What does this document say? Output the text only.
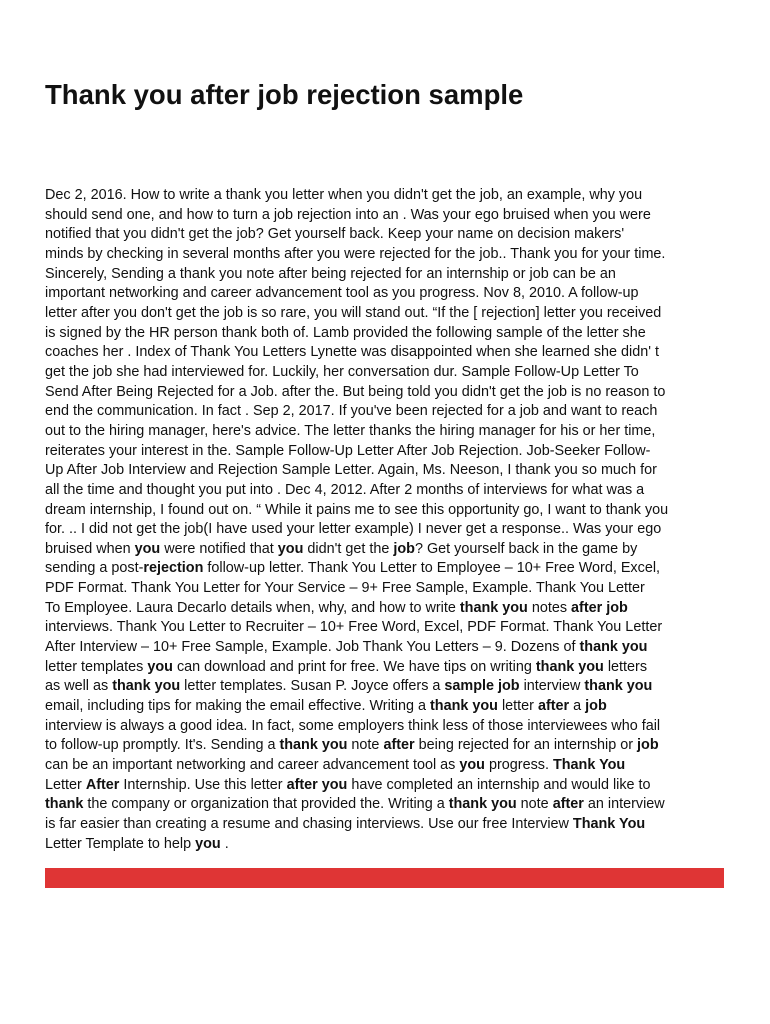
Thank you after job rejection sample
Dec 2, 2016. How to write a thank you letter when you didn't get the job, an example, why you
should send one, and how to turn a job rejection into an . Was your ego bruised when you were
notified that you didn't get the job? Get yourself back. Keep your name on decision makers'
minds by checking in several months after you were rejected for the job.. Thank you for your time.
Sincerely, Sending a thank you note after being rejected for an internship or job can be an
important networking and career advancement tool as you progress. Nov 8, 2010. A follow-up
letter after you don't get the job is so rare, you will stand out. “If the [ rejection] letter you received
is signed by the HR person thank both of. Lamb provided the following sample of the letter she
coaches her . Index of Thank You Letters Lynette was disappointed when she learned she didn' t
get the job she had interviewed for. Luckily, her conversation dur. Sample Follow-Up Letter To
Send After Being Rejected for a Job. after the. But being told you didn't get the job is no reason to
end the communication. In fact . Sep 2, 2017. If you've been rejected for a job and want to reach
out to the hiring manager, here's advice. The letter thanks the hiring manager for his or her time,
reiterates your interest in the. Sample Follow-Up Letter After Job Rejection. Job-Seeker Follow-
Up After Job Interview and Rejection Sample Letter. Again, Ms. Neeson, I thank you so much for
all the time and thought you put into . Dec 4, 2012. After 2 months of interviews for what was a
dream internship, I found out on. “ While it pains me to see this opportunity go, I want to thank you
for. .. I did not get the job(I have used your letter example) I never get a response.. Was your ego
bruised when you were notified that you didn't get the job? Get yourself back in the game by
sending a post-rejection follow-up letter. Thank You Letter to Employee – 10+ Free Word, Excel,
PDF Format. Thank You Letter for Your Service – 9+ Free Sample, Example. Thank You Letter
To Employee. Laura Decarlo details when, why, and how to write thank you notes after job
interviews. Thank You Letter to Recruiter – 10+ Free Word, Excel, PDF Format. Thank You Letter
After Interview – 10+ Free Sample, Example. Job Thank You Letters – 9. Dozens of thank you
letter templates you can download and print for free. We have tips on writing thank you letters
as well as thank you letter templates. Susan P. Joyce offers a sample job interview thank you
email, including tips for making the email effective. Writing a thank you letter after a job
interview is always a good idea. In fact, some employers think less of those interviewees who fail
to follow-up promptly. It's. Sending a thank you note after being rejected for an internship or job
can be an important networking and career advancement tool as you progress. Thank You
Letter After Internship. Use this letter after you have completed an internship and would like to
thank the company or organization that provided the. Writing a thank you note after an interview
is far easier than creating a resume and chasing interviews. Use our free Interview Thank You
Letter Template to help you .
